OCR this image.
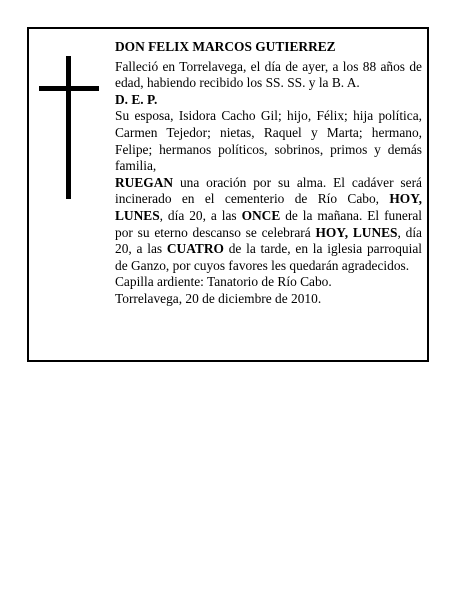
DON FELIX MARCOS GUTIERREZ

Falleció en Torrelavega, el día de ayer, a los 88 años de edad, habiendo recibido los SS. SS. y la B. A.

D. E. P.

Su esposa, Isidora Cacho Gil; hijo, Félix; hija política, Carmen Tejedor; nietas, Raquel y Marta; hermano, Felipe; hermanos políticos, sobrinos, primos y demás familia,

RUEGAN una oración por su alma. El cadáver será incinerado en el cementerio de Río Cabo, HOY, LUNES, día 20, a las ONCE de la mañana. El funeral por su eterno descanso se celebrará HOY, LUNES, día 20, a las CUATRO de la tarde, en la iglesia parroquial de Ganzo, por cuyos favores les quedarán agradecidos.

Capilla ardiente: Tanatorio de Río Cabo.

Torrelavega, 20 de diciembre de 2010.
